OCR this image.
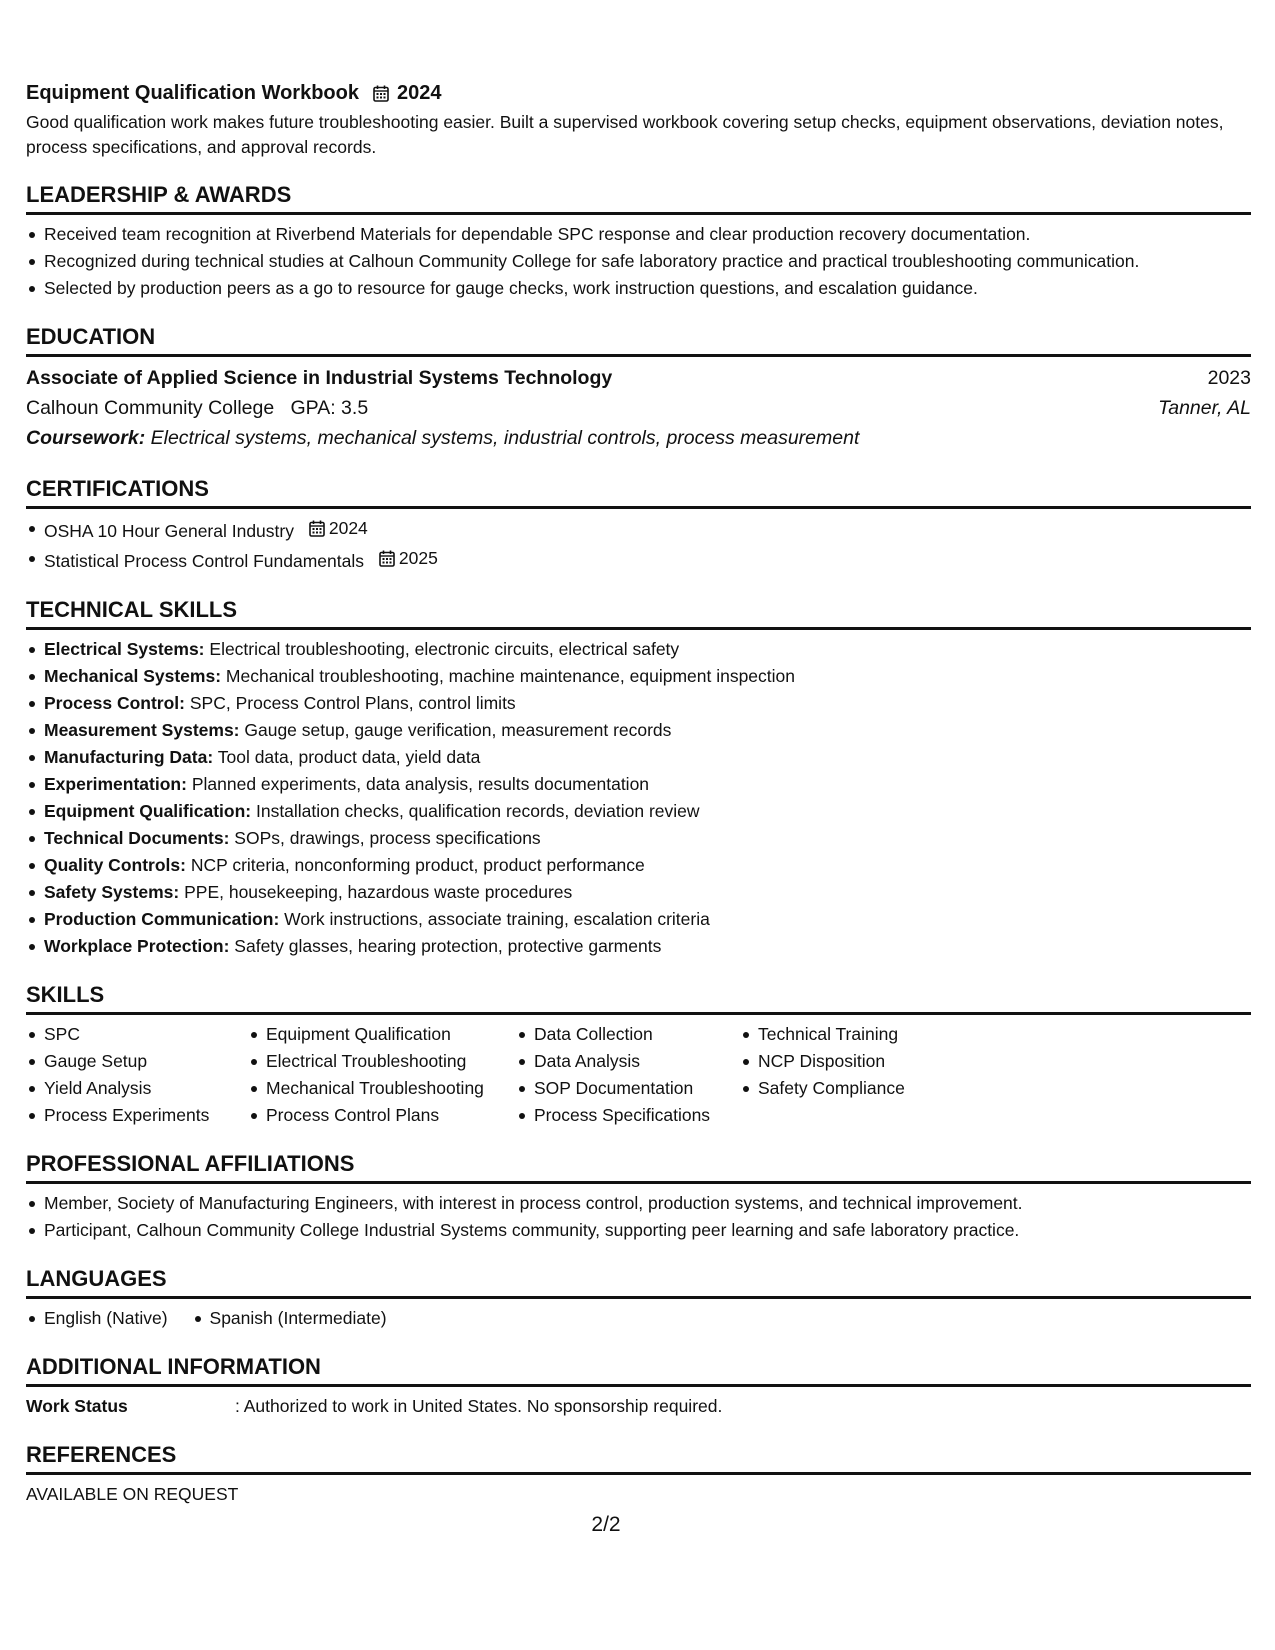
Equipment Qualification Workbook 2024
Good qualification work makes future troubleshooting easier. Built a supervised workbook covering setup checks, equipment observations, deviation notes, process specifications, and approval records.
LEADERSHIP & AWARDS
Received team recognition at Riverbend Materials for dependable SPC response and clear production recovery documentation.
Recognized during technical studies at Calhoun Community College for safe laboratory practice and practical troubleshooting communication.
Selected by production peers as a go to resource for gauge checks, work instruction questions, and escalation guidance.
EDUCATION
Associate of Applied Science in Industrial Systems Technology	2023
Calhoun Community College GPA: 3.5	Tanner, AL
Coursework: Electrical systems, mechanical systems, industrial controls, process measurement
CERTIFICATIONS
OSHA 10 Hour General Industry 2024
Statistical Process Control Fundamentals 2025
TECHNICAL SKILLS
Electrical Systems: Electrical troubleshooting, electronic circuits, electrical safety
Mechanical Systems: Mechanical troubleshooting, machine maintenance, equipment inspection
Process Control: SPC, Process Control Plans, control limits
Measurement Systems: Gauge setup, gauge verification, measurement records
Manufacturing Data: Tool data, product data, yield data
Experimentation: Planned experiments, data analysis, results documentation
Equipment Qualification: Installation checks, qualification records, deviation review
Technical Documents: SOPs, drawings, process specifications
Quality Controls: NCP criteria, nonconforming product, product performance
Safety Systems: PPE, housekeeping, hazardous waste procedures
Production Communication: Work instructions, associate training, escalation criteria
Workplace Protection: Safety glasses, hearing protection, protective garments
SKILLS
SPC
Gauge Setup
Yield Analysis
Process Experiments
Equipment Qualification
Electrical Troubleshooting
Mechanical Troubleshooting
Process Control Plans
Data Collection
Data Analysis
SOP Documentation
Process Specifications
Technical Training
NCP Disposition
Safety Compliance
PROFESSIONAL AFFILIATIONS
Member, Society of Manufacturing Engineers, with interest in process control, production systems, and technical improvement.
Participant, Calhoun Community College Industrial Systems community, supporting peer learning and safe laboratory practice.
LANGUAGES
English (Native)	Spanish (Intermediate)
ADDITIONAL INFORMATION
Work Status	: Authorized to work in United States. No sponsorship required.
REFERENCES
AVAILABLE ON REQUEST
2/2
